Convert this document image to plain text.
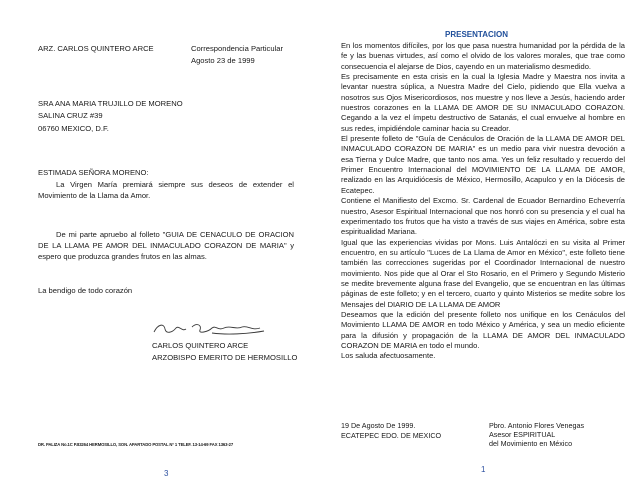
ARZ. CARLOS QUINTERO ARCE	Correspondencia Particular
Agosto 23 de 1999
SRA ANA MARIA TRUJILLO DE MORENO
SALINA CRUZ #39
06760 MEXICO, D.F.
ESTIMADA SEÑORA MORENO:
La Virgen María premiará siempre sus deseos de extender el Movimiento de la Llama da Amor.
De mi parte apruebo al folleto "GUIA DE CENACULO DE ORACION DE LA LLAMA PE AMOR DEL INMACULADO CORAZON DE MARIA" y espero que produzca grandes frutos en las almas.
La bendigo de todo corazón
CARLOS QUINTERO ARCE
ARZOBISPO EMERITO DE HERMOSILLO
DR. PALIZA No.1C P.83264 HERMOSILLO, SON. APARTADO POSTAL Nº 1 TELEF. 13-14-69 FAX 1363-27
3
PRESENTACION

En los momentos difíciles, por los que pasa nuestra humanidad por la pérdida de la fe y las buenas virtudes, así como el olvido de los valores morales, que trae como consecuencia el alejarse de Dios, cayendo en un materialismo desmedido.

Es precisamente en esta crisis en la cual la Iglesia Madre y Maestra nos invita a levantar nuestra súplica, a Nuestra Madre del Cielo, pidiendo que Ella vuelva a nosotros sus Ojos Misericordiosos, nos muestre y nos lleve a Jesús, haciendo arder nuestros corazones en la LLAMA DE AMOR DE SU INMACULADO CORAZON. Cegando a la vez el ímpetu destructivo de Satanás, el cual envuelve al hombre en sus redes, impidiéndole caminar hacia su Creador.

El presente folleto de "Guía de Cenáculos de Oración de la LLAMA DE AMOR DEL INMACULADO CORAZON DE MARIA" es un medio para vivir nuestra devoción a esa Tierna y Dulce Madre, que tanto nos ama. Yes un feliz resultado y recuerdo del Primer Encuentro Internacional del MOVIMIENTO DE LA LLAMA DE AMOR, realizado en las Arquidiócesis de México, Hermosillo, Acapulco y en la Diócesis de Ecatepec.

Contiene el Manifiesto del Excmo. Sr. Cardenal de Ecuador Bernardino Echeverría nuestro, Asesor Espiritual Internacional que nos honró con su presencia y el cual ha experimentado tos frutos que ha visto a través de sus viajes en América, sobre esta espiritualidad Mariana.

Igual que las experiencias vividas por Mons. Luis Antalóczi en su visita al Primer encuentro, en su artículo "Luces de La Llama de Amor en México", este folleto tiene también las correcciones sugeridas por el Coordinador Internacional de nuestro movimiento. Nos pide que al Orar el Sto Rosario, en el Primero y Segundo Misterio se medite brevemente alguna frase del Evangelio, que se encuentran en las últimas páginas de este folleto; y en el tercero, cuarto y quinto Misterios se medite sobre los Mensajes del DIARIO DE LA LLAMA DE AMOR

Deseamos que la edición del presente folleto nos unifique en los Cenáculos del Movimiento LLAMA DE AMOR en todo México y América, y sea un medio eficiente para la difusión y propagación de la LLAMA DE AMOR DEL INMACULADO CORAZON DE MARIA en todo el mundo.

Los saluda afectuosamente.

19 De Agosto De 1999.
ECATEPEC EDO. DE MEXICO
Pbro. Antonio Flores Venegas
Asesor ESPIRITUAL
del Movimiento en México
1
